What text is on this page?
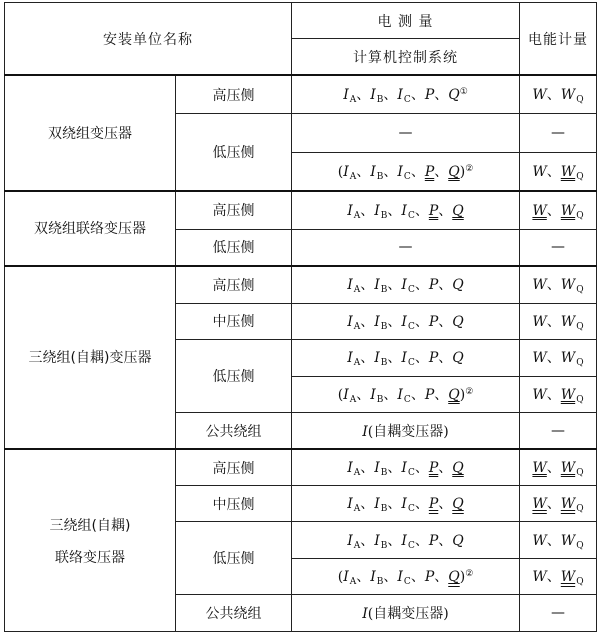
安装单位名称		电 测 量	电能计量
		计算机控制系统	
双绕组变压器	高压侧	$I_A$、$I_B$、$I_C$、P、Q①	W、$W_Q$
	低压侧	—	—
		($I_A$、$I_B$、$I_C$、P、Q)②	W、$W_Q$
双绕组联络变压器	高压侧	$I_A$、$I_B$、$I_C$、P、Q	W、$W_Q$
	低压侧	—	—
三绕组(自耦)变压器	高压侧	$I_A$、$I_B$、$I_C$、P、Q	W、$W_Q$
	中压侧	$I_A$、$I_B$、$I_C$、P、Q	W、$W_Q$
	低压侧	$I_A$、$I_B$、$I_C$、P、Q	W、$W_Q$
		($I_A$、$I_B$、$I_C$、P、Q)②	W、$W_Q$
	公共绕组	I(自耦变压器)	—

三绕组(自耦)
联络变压器	高压侧	$I_A$、$I_B$、$I_C$、P、Q	W、$W_Q$
	中压侧	$I_A$、$I_B$、$I_C$、P、Q	W、$W_Q$
	低压侧	$I_A$、$I_B$、$I_C$、P、Q	W、$W_Q$
		($I_A$、$I_B$、$I_C$、P、Q)②	W、$W_Q$
	公共绕组	I(自耦变压器)	—
